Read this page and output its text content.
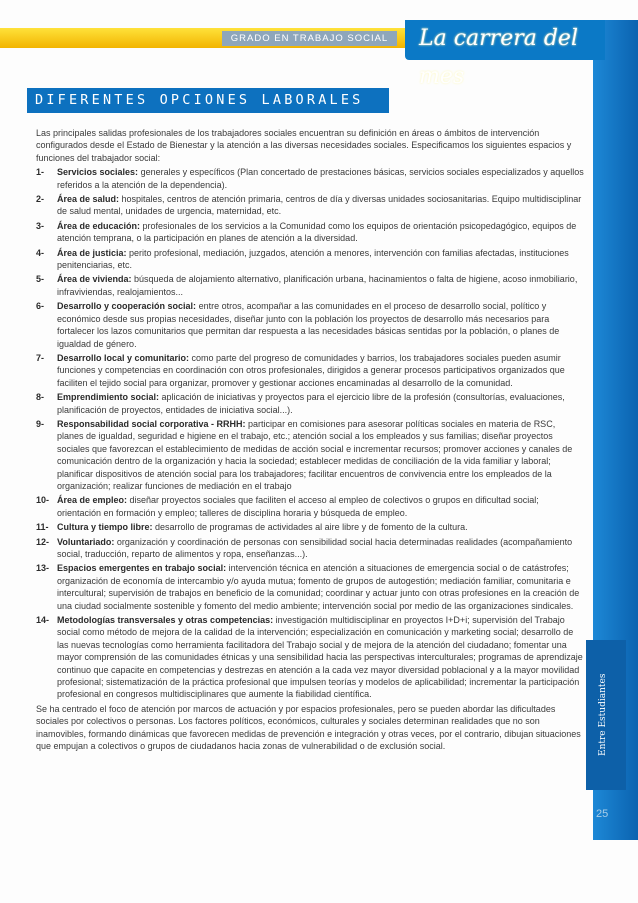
GRADO EN TRABAJO SOCIAL	La carrera del mes
Entre Estudiantes
25
DIFERENTES OPCIONES LABORALES

Las principales salidas profesionales de los trabajadores sociales encuentran su definición en áreas o ámbitos de intervención configurados desde el Estado de Bienestar y la atención a las diversas necesidades sociales. Especificamos los siguientes espacios y funciones del trabajador social:

1- Servicios sociales: generales y específicos (Plan concertado de prestaciones básicas, servicios sociales especializados y aquellos referidos a la atención de la dependencia).
2- Área de salud: hospitales, centros de atención primaria, centros de día y diversas unidades sociosanitarias. Equipo multidisciplinar de salud mental, unidades de urgencia, maternidad, etc.
3- Área de educación: profesionales de los servicios a la Comunidad como los equipos de orientación psicopedagógico, equipos de atención temprana, o la participación en planes de atención a la diversidad.
4- Área de justicia: perito profesional, mediación, juzgados, atención a menores, intervención con familias afectadas, instituciones penitenciarias, etc.
5- Área de vivienda: búsqueda de alojamiento alternativo, planificación urbana, hacinamientos o falta de higiene, acoso inmobiliario, infraviviendas, realojamientos...
6- Desarrollo y cooperación social: entre otros, acompañar a las comunidades en el proceso de desarrollo social, político y económico desde sus propias necesidades, diseñar junto con la población los proyectos de desarrollo más necesarios para fortalecer los lazos comunitarios que permitan dar respuesta a las necesidades básicas sentidas por la población, o planes de igualdad de género.
7- Desarrollo local y comunitario: como parte del progreso de comunidades y barrios, los trabajadores sociales pueden asumir funciones y competencias en coordinación con otros profesionales, dirigidos a generar procesos participativos organizados que faciliten el tejido social para organizar, promover y gestionar acciones encaminadas al desarrollo de la comunidad.
8- Emprendimiento social: aplicación de iniciativas y proyectos para el ejercicio libre de la profesión (consultorías, evaluaciones, planificación de proyectos, entidades de iniciativa social...).
9- Responsabilidad social corporativa - RRHH: participar en comisiones para asesorar políticas sociales en materia de RSC, planes de igualdad, seguridad e higiene en el trabajo, etc.; atención social a los empleados y sus familias; diseñar proyectos sociales que favorezcan el establecimiento de medidas de acción social e incrementar recursos; promover acciones y canales de comunicación dentro de la organización y hacia la sociedad; establecer medidas de conciliación de la vida familiar y laboral; planificar dispositivos de atención social para los trabajadores; facilitar encuentros de convivencia entre los empleados de la organización; realizar funciones de mediación en el trabajo
10- Área de empleo: diseñar proyectos sociales que faciliten el acceso al empleo de colectivos o grupos en dificultad social; orientación en formación y empleo; talleres de disciplina horaria y búsqueda de empleo.
11- Cultura y tiempo libre: desarrollo de programas de actividades al aire libre y de fomento de la cultura.
12- Voluntariado: organización y coordinación de personas con sensibilidad social hacia determinadas realidades (acompañamiento social, traducción, reparto de alimentos y ropa, enseñanzas...).
13- Espacios emergentes en trabajo social: intervención técnica en atención a situaciones de emergencia social o de catástrofes; organización de economía de intercambio y/o ayuda mutua; fomento de grupos de autogestión; mediación familiar, comunitaria e intercultural; supervisión de trabajos en beneficio de la comunidad; coordinar y actuar junto con otras profesiones en la creación de una ciudad socialmente sostenible y fomento del medio ambiente; intervención social por medio de las organizaciones sindicales.
14- Metodologías transversales y otras competencias: investigación multidisciplinar en proyectos I+D+i; supervisión del Trabajo social como método de mejora de la calidad de la intervención; especialización en comunicación y marketing social; desarrollo de las nuevas tecnologías como herramienta facilitadora del Trabajo social y de mejora de la atención del ciudadano; fomentar una mayor comprensión de las comunidades étnicas y una sensibilidad hacia las perspectivas interculturales; programas de aprendizaje continuo que capacite en competencias y destrezas en atención a la cada vez mayor diversidad poblacional y a la mayor movilidad profesional; sistematización de la práctica profesional que impulsen teorías y modelos de aplicabilidad; incrementar la participación profesional en congresos multidisciplinares que aumente la fiabilidad científica.

Se ha centrado el foco de atención por marcos de actuación y por espacios profesionales, pero se pueden abordar las dificultades sociales por colectivos o personas. Los factores políticos, económicos, culturales y sociales determinan realidades que no son inamovibles, formando dinámicas que favorecen medidas de prevención e integración y otras veces, por el contrario, dibujan situaciones que empujan a colectivos o grupos de ciudadanos hacia zonas de vulnerabilidad o de exclusión social.
